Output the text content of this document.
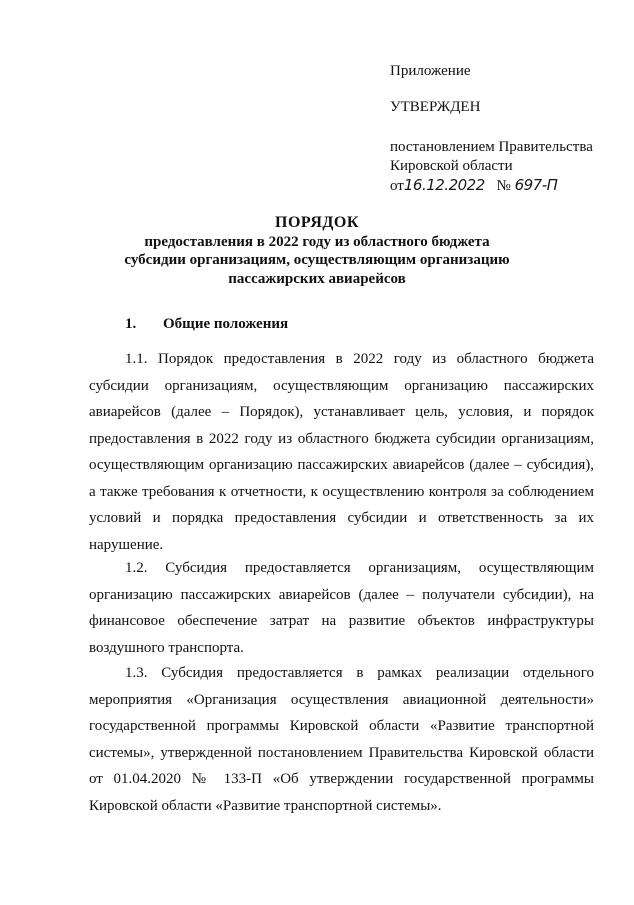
Приложение
УТВЕРЖДЕН
постановлением Правительства
Кировской области
от16.12.2022 № 697-П
ПОРЯДОК
предоставления в 2022 году из областного бюджета
субсидии организациям, осуществляющим организацию
пассажирских авиарейсов
1. Общие положения

1.1. Порядок предоставления в 2022 году из областного бюджета субсидии организациям, осуществляющим организацию пассажирских авиарейсов (далее – Порядок), устанавливает цель, условия, и порядок предоставления в 2022 году из областного бюджета субсидии организациям, осуществляющим организацию пассажирских авиарейсов (далее – субсидия), а также требования к отчетности, к осуществлению контроля за соблюдением условий и порядка предоставления субсидии и ответственность за их нарушение.

1.2. Субсидия предоставляется организациям, осуществляющим организацию пассажирских авиарейсов (далее – получатели субсидии), на финансовое обеспечение затрат на развитие объектов инфраструктуры воздушного транспорта.

1.3. Субсидия предоставляется в рамках реализации отдельного мероприятия «Организация осуществления авиационной деятельности» государственной программы Кировской области «Развитие транспортной системы», утвержденной постановлением Правительства Кировской области от 01.04.2020 № 133-П «Об утверждении государственной программы Кировской области «Развитие транспортной системы».
